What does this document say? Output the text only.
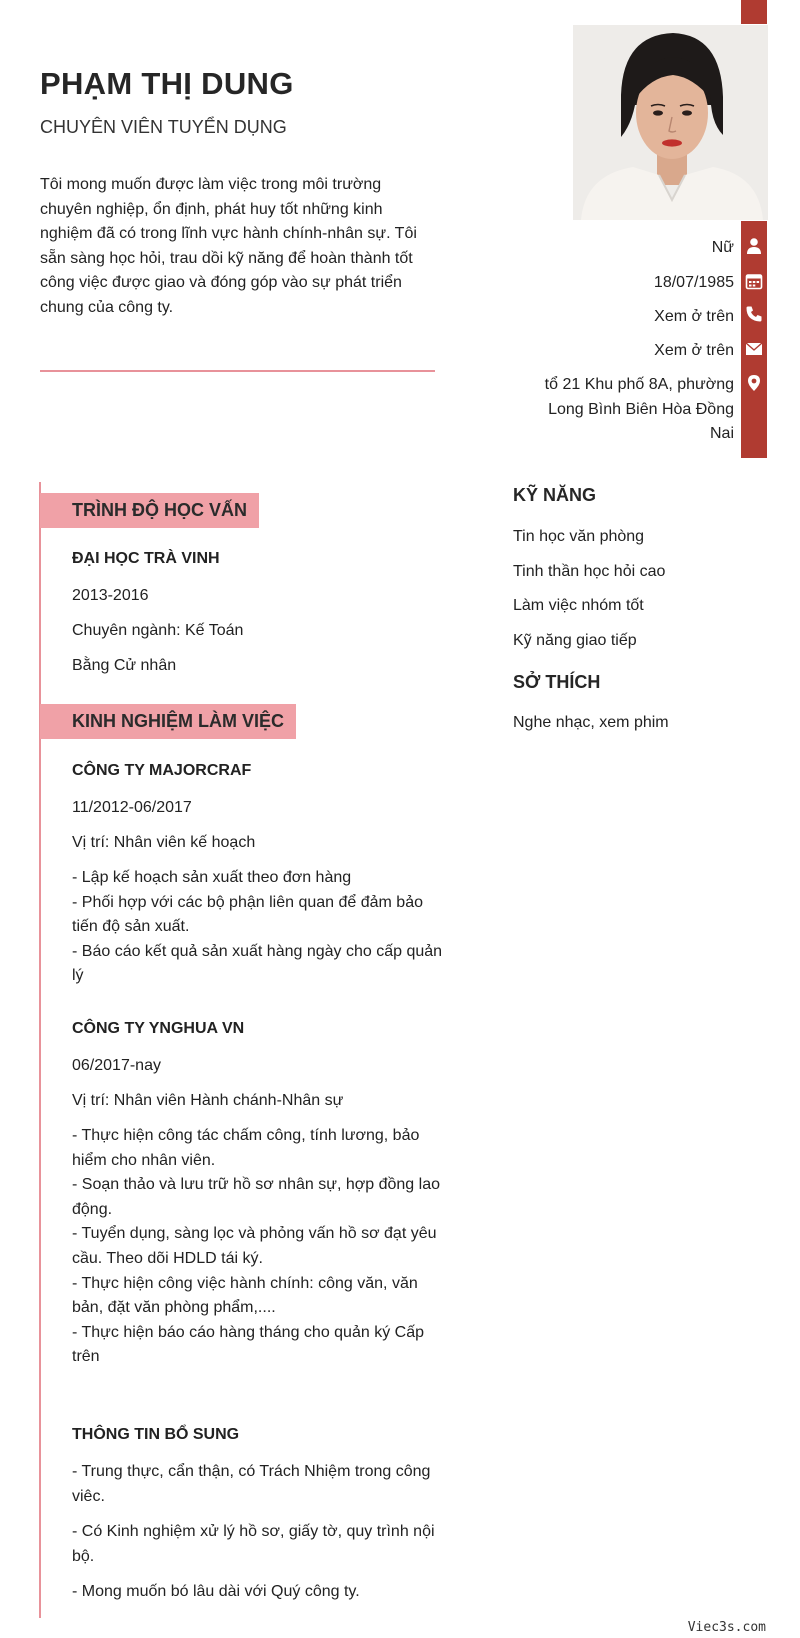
PHẠM THỊ DUNG
CHUYÊN VIÊN TUYỂN DỤNG
Tôi mong muốn được làm việc trong môi trường chuyên nghiệp, ổn định, phát huy tốt những kinh nghiệm đã có trong lĩnh vực hành chính-nhân sự. Tôi sẵn sàng học hỏi, trau dồi kỹ năng để hoàn thành tốt công việc được giao và đóng góp vào sự phát triển chung của công ty.
Nữ
18/07/1985
Xem ở trên
Xem ở trên
tổ 21 Khu phố 8A, phường Long Bình Biên Hòa Đồng Nai
TRÌNH ĐỘ HỌC VẤN
ĐẠI HỌC TRÀ VINH
2013-2016
Chuyên ngành: Kế Toán
Bằng Cử nhân
KINH NGHIỆM LÀM VIỆC
CÔNG TY MAJORCRAF
11/2012-06/2017
Vị trí: Nhân viên kế hoạch
- Lập kế hoạch sản xuất theo đơn hàng
- Phối hợp với các bộ phận liên quan để đảm bảo tiến độ sản xuất.
- Báo cáo kết quả sản xuất hàng ngày cho cấp quản lý
CÔNG TY YNGHUA VN
06/2017-nay
Vị trí: Nhân viên Hành chánh-Nhân sự
- Thực hiện công tác chấm công, tính lương, bảo hiểm cho nhân viên.
- Soạn thảo và lưu trữ hồ sơ nhân sự, hợp đồng lao động.
- Tuyển dụng, sàng lọc và phỏng vấn hồ sơ đạt yêu cầu. Theo dõi HDLD tái ký.
- Thực hiện công việc hành chính: công văn, văn bản, đặt văn phòng phẩm,....
- Thực hiện báo cáo hàng tháng cho quản ký Cấp trên
THÔNG TIN BỔ SUNG
- Trung thực, cẩn thận, có Trách Nhiệm trong công viêc.
- Có Kinh nghiệm xử lý hồ sơ, giấy tờ, quy trình nội bộ.
- Mong muốn bó lâu dài với Quý công ty.
KỸ NĂNG
Tin học văn phòng
Tinh thần học hỏi cao
Làm việc nhóm tốt
Kỹ năng giao tiếp
SỞ THÍCH
Nghe nhạc, xem phim
Viec3s.com
